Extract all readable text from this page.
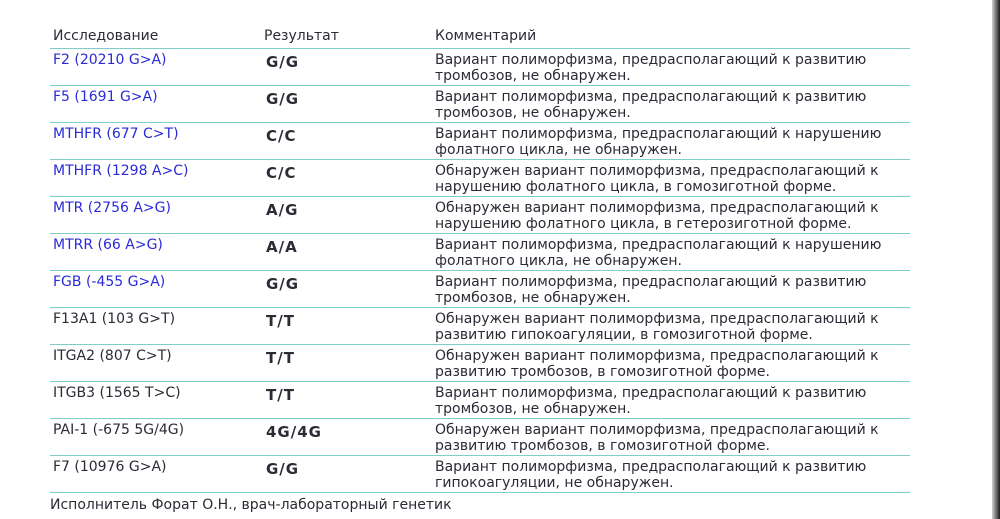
Исследование	Результат	Комментарий
F2 (20210 G>A)	G/G	Вариант полиморфизма, предрасполагающий к развитию тромбозов, не обнаружен.
F5 (1691 G>A)	G/G	Вариант полиморфизма, предрасполагающий к развитию тромбозов, не обнаружен.
MTHFR (677 C>T)	C/C	Вариант полиморфизма, предрасполагающий к нарушению фолатного цикла, не обнаружен.
MTHFR (1298 A>C)	C/C	Обнаружен вариант полиморфизма, предрасполагающий к нарушению фолатного цикла, в гомозиготной форме.
MTR (2756 A>G)	A/G	Обнаружен вариант полиморфизма, предрасполагающий к нарушению фолатного цикла, в гетерозиготной форме.
MTRR (66 A>G)	A/A	Вариант полиморфизма, предрасполагающий к нарушению фолатного цикла, не обнаружен.
FGB (-455 G>A)	G/G	Вариант полиморфизма, предрасполагающий к развитию тромбозов, не обнаружен.
F13A1 (103 G>T)	T/T	Обнаружен вариант полиморфизма, предрасполагающий к развитию гипокоагуляции, в гомозиготной форме.
ITGA2 (807 C>T)	T/T	Обнаружен вариант полиморфизма, предрасполагающий к развитию тромбозов, в гомозиготной форме.
ITGB3 (1565 T>C)	T/T	Вариант полиморфизма, предрасполагающий к развитию тромбозов, не обнаружен.
PAI-1 (-675 5G/4G)	4G/4G	Обнаружен вариант полиморфизма, предрасполагающий к развитию тромбозов, в гомозиготной форме.
F7 (10976 G>A)	G/G	Вариант полиморфизма, предрасполагающий к развитию гипокоагуляции, не обнаружен.
Исполнитель Форат О.Н., врач-лабораторный генетик
